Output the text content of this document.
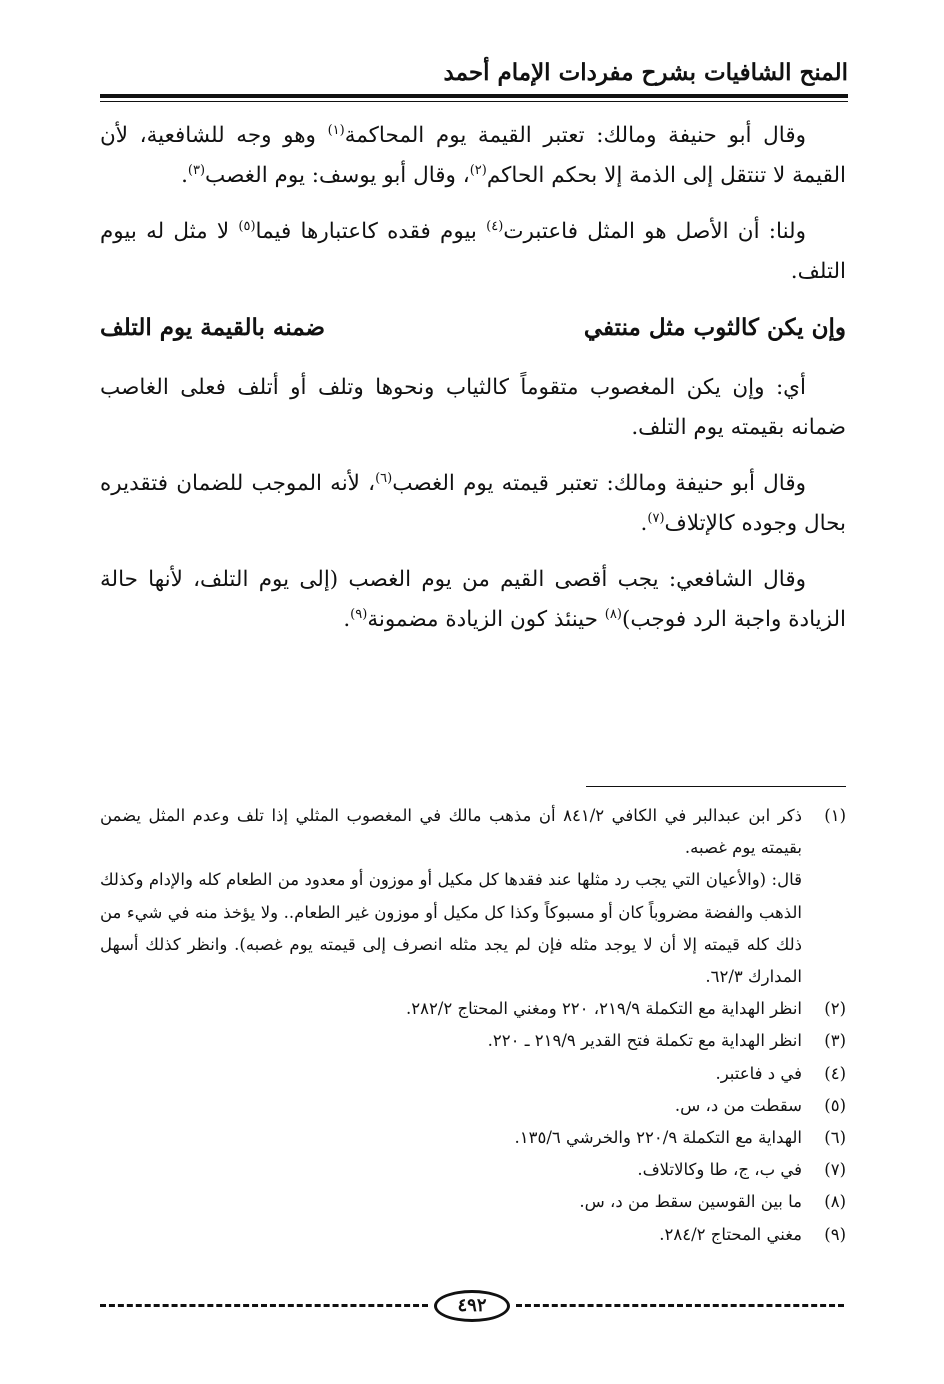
المنح الشافيات بشرح مفردات الإمام أحمد

وقال أبو حنيفة ومالك: تعتبر القيمة يوم المحاكمة$^{(١)}$ وهو وجه للشافعية، لأن القيمة لا تنتقل إلى الذمة إلا بحكم الحاكم$^{(٢)}$، وقال أبو يوسف: يوم الغصب$^{(٣)}$.

ولنا: أن الأصل هو المثل فاعتبرت$^{(٤)}$ بيوم فقده كاعتبارها فيما$^{(٥)}$ لا مثل له بيوم التلف.

وإن يكن كالثوب مثل منتفي
ضمنه بالقيمة يوم التلف

أي: وإن يكن المغصوب متقوماً كالثياب ونحوها وتلف أو أتلف فعلى الغاصب ضمانه بقيمته يوم التلف.

وقال أبو حنيفة ومالك: تعتبر قيمته يوم الغصب$^{(٦)}$، لأنه الموجب للضمان فتقديره بحال وجوده كالإتلاف$^{(٧)}$.

وقال الشافعي: يجب أقصى القيم من يوم الغصب (إلى يوم التلف، لأنها حالة الزيادة واجبة الرد فوجب)$^{(٨)}$ حينئذ كون الزيادة مضمونة$^{(٩)}$.

(١)
ذكر ابن عبدالبر في الكافي ٨٤١/٢ أن مذهب مالك في المغصوب المثلي إذا تلف وعدم المثل يضمن بقيمته يوم غصبه.
قال: (والأعيان التي يجب رد مثلها عند فقدها كل مكيل أو موزون أو معدود من الطعام كله والإدام وكذلك الذهب والفضة مضروباً كان أو مسبوكاً وكذا كل مكيل أو موزون غير الطعام.. ولا يؤخذ منه في شيء من ذلك كله قيمته إلا أن لا يوجد مثله فإن لم يجد مثله انصرف إلى قيمته يوم غصبه). وانظر كذلك أسهل المدارك ٦٢/٣.
(٢)
انظر الهداية مع التكملة ٢١٩/٩، ٢٢٠ ومغني المحتاج ٢٨٢/٢.
(٣)
انظر الهداية مع تكملة فتح القدير ٢١٩/٩ ـ ٢٢٠.
(٤)
في د فاعتبر.
(٥)
سقطت من د، س.
(٦)
الهداية مع التكملة ٢٢٠/٩ والخرشي ١٣٥/٦.
(٧)
في ب، ج، طا وكالاتلاف.
(٨)
ما بين القوسين سقط من د، س.
(٩)
مغني المحتاج ٢٨٤/٢.
٤٩٢
